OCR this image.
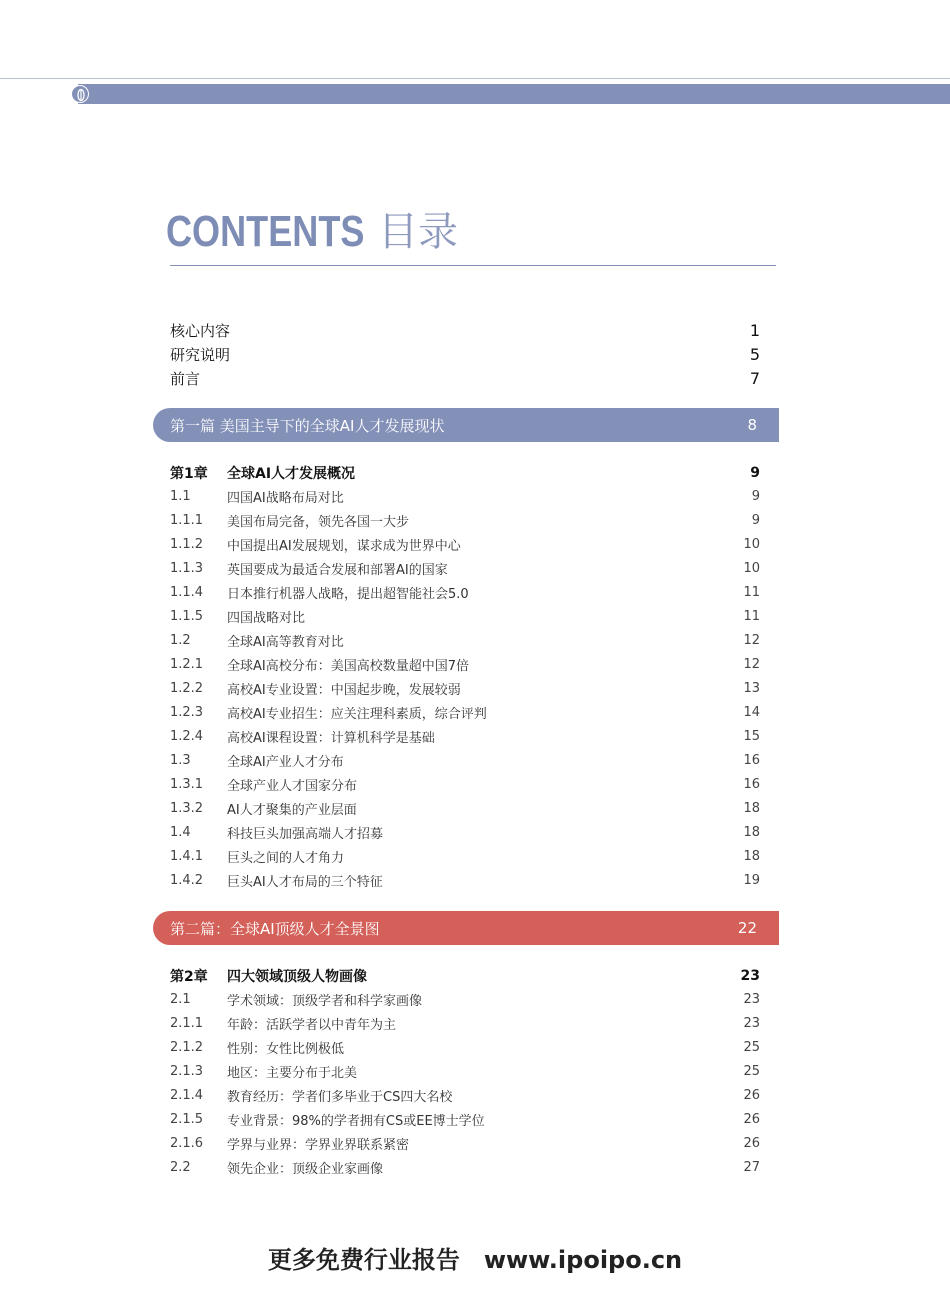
CONTENTS 目录
核心内容	1
研究说明	5
前言	7
第一篇 美国主导下的全球AI人才发展现状	8
第1章	全球AI人才发展概况	9
1.1	四国AI战略布局对比	9
1.1.1	美国布局完备，领先各国一大步	9
1.1.2	中国提出AI发展规划，谋求成为世界中心	10
1.1.3	英国要成为最适合发展和部署AI的国家	10
1.1.4	日本推行机器人战略，提出超智能社会5.0	11
1.1.5	四国战略对比	11
1.2	全球AI高等教育对比	12
1.2.1	全球AI高校分布：美国高校数量超中国7倍	12
1.2.2	高校AI专业设置：中国起步晚，发展较弱	13
1.2.3	高校AI专业招生：应关注理科素质，综合评判	14
1.2.4	高校AI课程设置：计算机科学是基础	15
1.3	全球AI产业人才分布	16
1.3.1	全球产业人才国家分布	16
1.3.2	AI人才聚集的产业层面	18
1.4	科技巨头加强高端人才招募	18
1.4.1	巨头之间的人才角力	18
1.4.2	巨头AI人才布局的三个特征	19
第二篇：全球AI顶级人才全景图	22
第2章	四大领域顶级人物画像	23
2.1	学术领域：顶级学者和科学家画像	23
2.1.1	年龄：活跃学者以中青年为主	23
2.1.2	性别：女性比例极低	25
2.1.3	地区：主要分布于北美	25
2.1.4	教育经历：学者们多毕业于CS四大名校	26
2.1.5	专业背景：98%的学者拥有CS或EE博士学位	26
2.1.6	学界与业界：学界业界联系紧密	26
2.2	领先企业：顶级企业家画像	27
更多免费行业报告 www.ipoipo.cn
